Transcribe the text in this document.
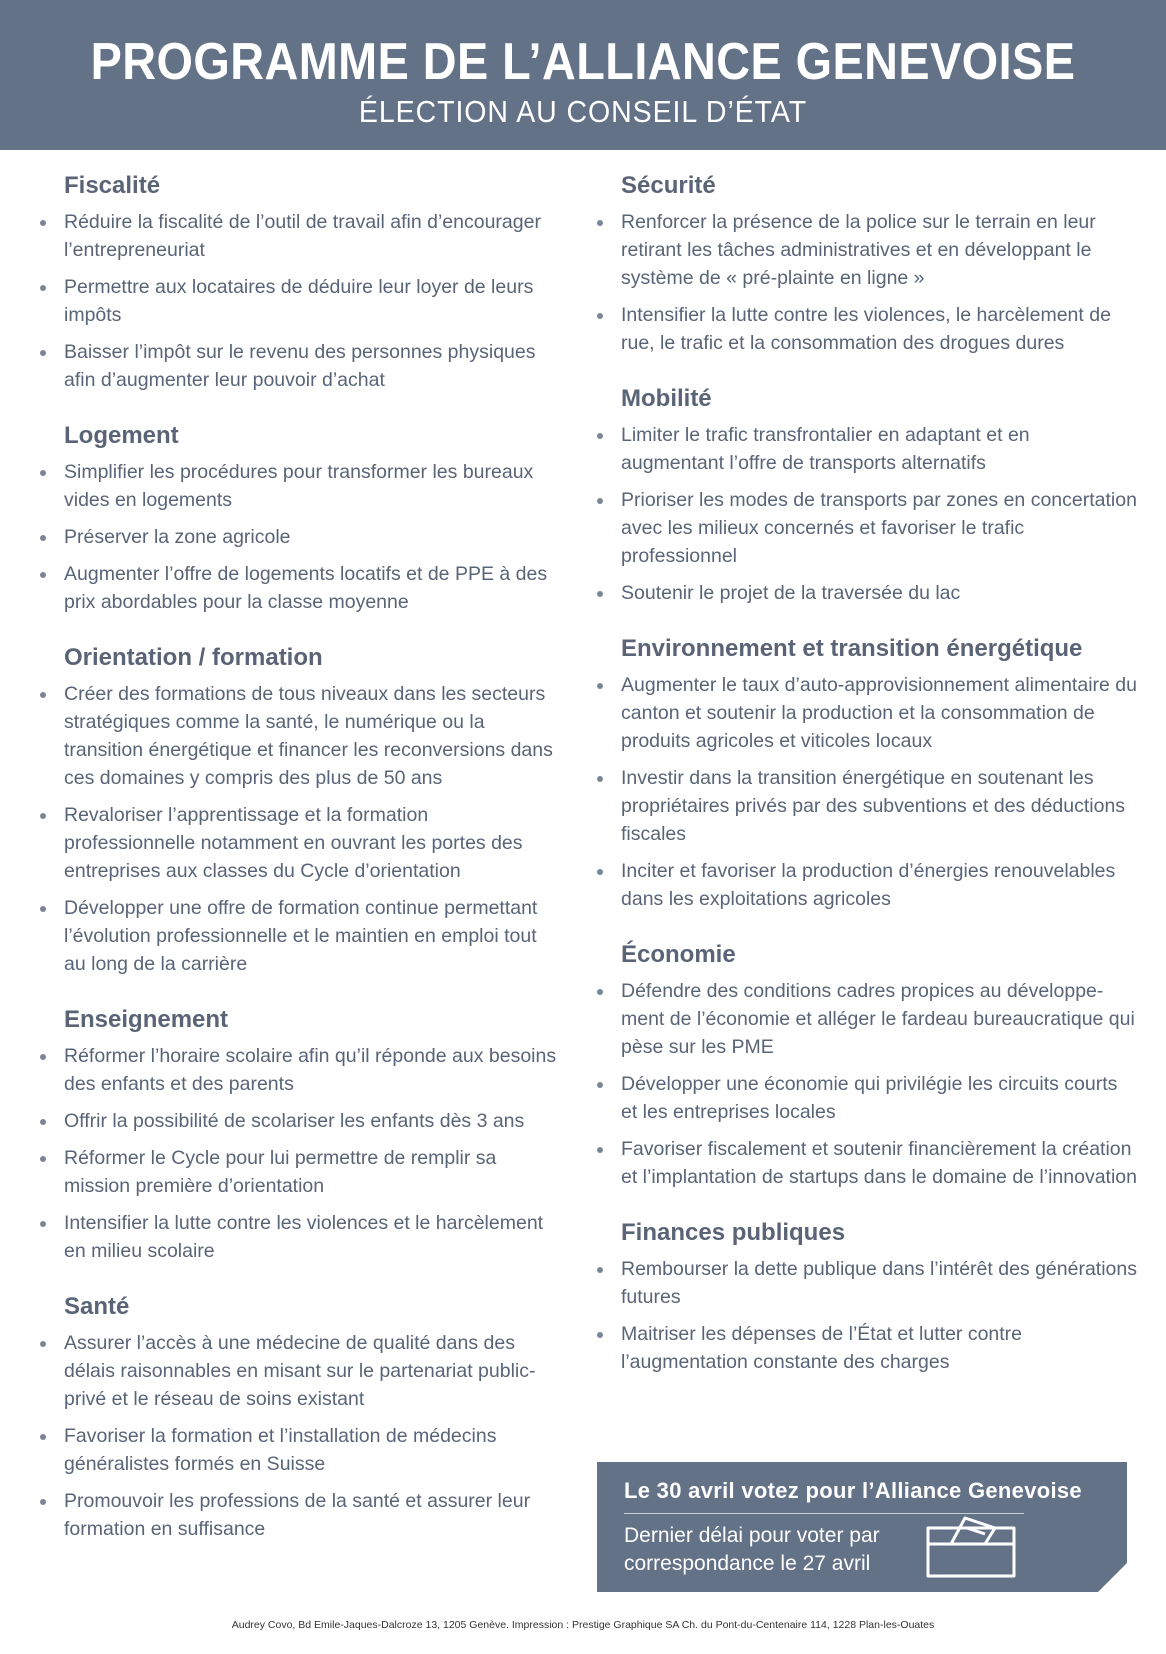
PROGRAMME DE L’ALLIANCE GENEVOISE
ÉLECTION AU CONSEIL D’ÉTAT
Fiscalité
Réduire la fiscalité de l’outil de travail afin d’encourager l’entrepreneuriat
Permettre aux locataires de déduire leur loyer de leurs impôts
Baisser l’impôt sur le revenu des personnes physiques afin d’augmenter leur pouvoir d’achat
Logement
Simplifier les procédures pour transformer les bureaux vides en logements
Préserver la zone agricole
Augmenter l’offre de logements locatifs et de PPE à des prix abordables pour la classe moyenne
Orientation / formation
Créer des formations de tous niveaux dans les secteurs stratégiques comme la santé, le numérique ou la transition énergétique et financer les reconversions dans ces domaines y compris des plus de 50 ans
Revaloriser l’apprentissage et la formation professionnelle notamment en ouvrant les portes des entreprises aux classes du Cycle d’orientation
Développer une offre de formation continue permettant l’évolution professionnelle et le maintien en emploi tout au long de la carrière
Enseignement
Réformer l’horaire scolaire afin qu’il réponde aux besoins des enfants et des parents
Offrir la possibilité de scolariser les enfants dès 3 ans
Réformer le Cycle pour lui permettre de remplir sa mission première d’orientation
Intensifier la lutte contre les violences et le harcèlement en milieu scolaire
Santé
Assurer l’accès à une médecine de qualité dans des délais raisonnables en misant sur le partenariat public-privé et le réseau de soins existant
Favoriser la formation et l’installation de médecins généralistes formés en Suisse
Promouvoir les professions de la santé et assurer leur formation en suffisance
Sécurité
Renforcer la présence de la police sur le terrain en leur retirant les tâches administratives et en développant le système de « pré-plainte en ligne »
Intensifier la lutte contre les violences, le harcèlement de rue, le trafic et la consommation des drogues dures
Mobilité
Limiter le trafic transfrontalier en adaptant et en augmentant l’offre de transports alternatifs
Prioriser les modes de transports par zones en concertation avec les milieux concernés et favoriser le trafic professionnel
Soutenir le projet de la traversée du lac
Environnement et transition énergétique
Augmenter le taux d’auto-approvisionnement alimentaire du canton et soutenir la production et la consommation de produits agricoles et viticoles locaux
Investir dans la transition énergétique en soutenant les propriétaires privés par des subventions et des déductions fiscales
Inciter et favoriser la production d’énergies renouvelables dans les exploitations agricoles
Économie
Défendre des conditions cadres propices au développe-ment de l’économie et alléger le fardeau bureaucratique qui pèse sur les PME
Développer une économie qui privilégie les circuits courts et les entreprises locales
Favoriser fiscalement et soutenir financièrement la création et l’implantation de startups dans le domaine de l’innovation
Finances publiques
Rembourser la dette publique dans l’intérêt des générations futures
Maitriser les dépenses de l’État et lutter contre l’augmentation constante des charges
Le 30 avril votez pour l’Alliance Genevoise
Dernier délai pour voter par correspondance le 27 avril
Audrey Covo, Bd Emile-Jaques-Dalcroze 13, 1205 Genève. Impression : Prestige Graphique SA Ch. du Pont-du-Centenaire 114, 1228 Plan-les-Ouates
